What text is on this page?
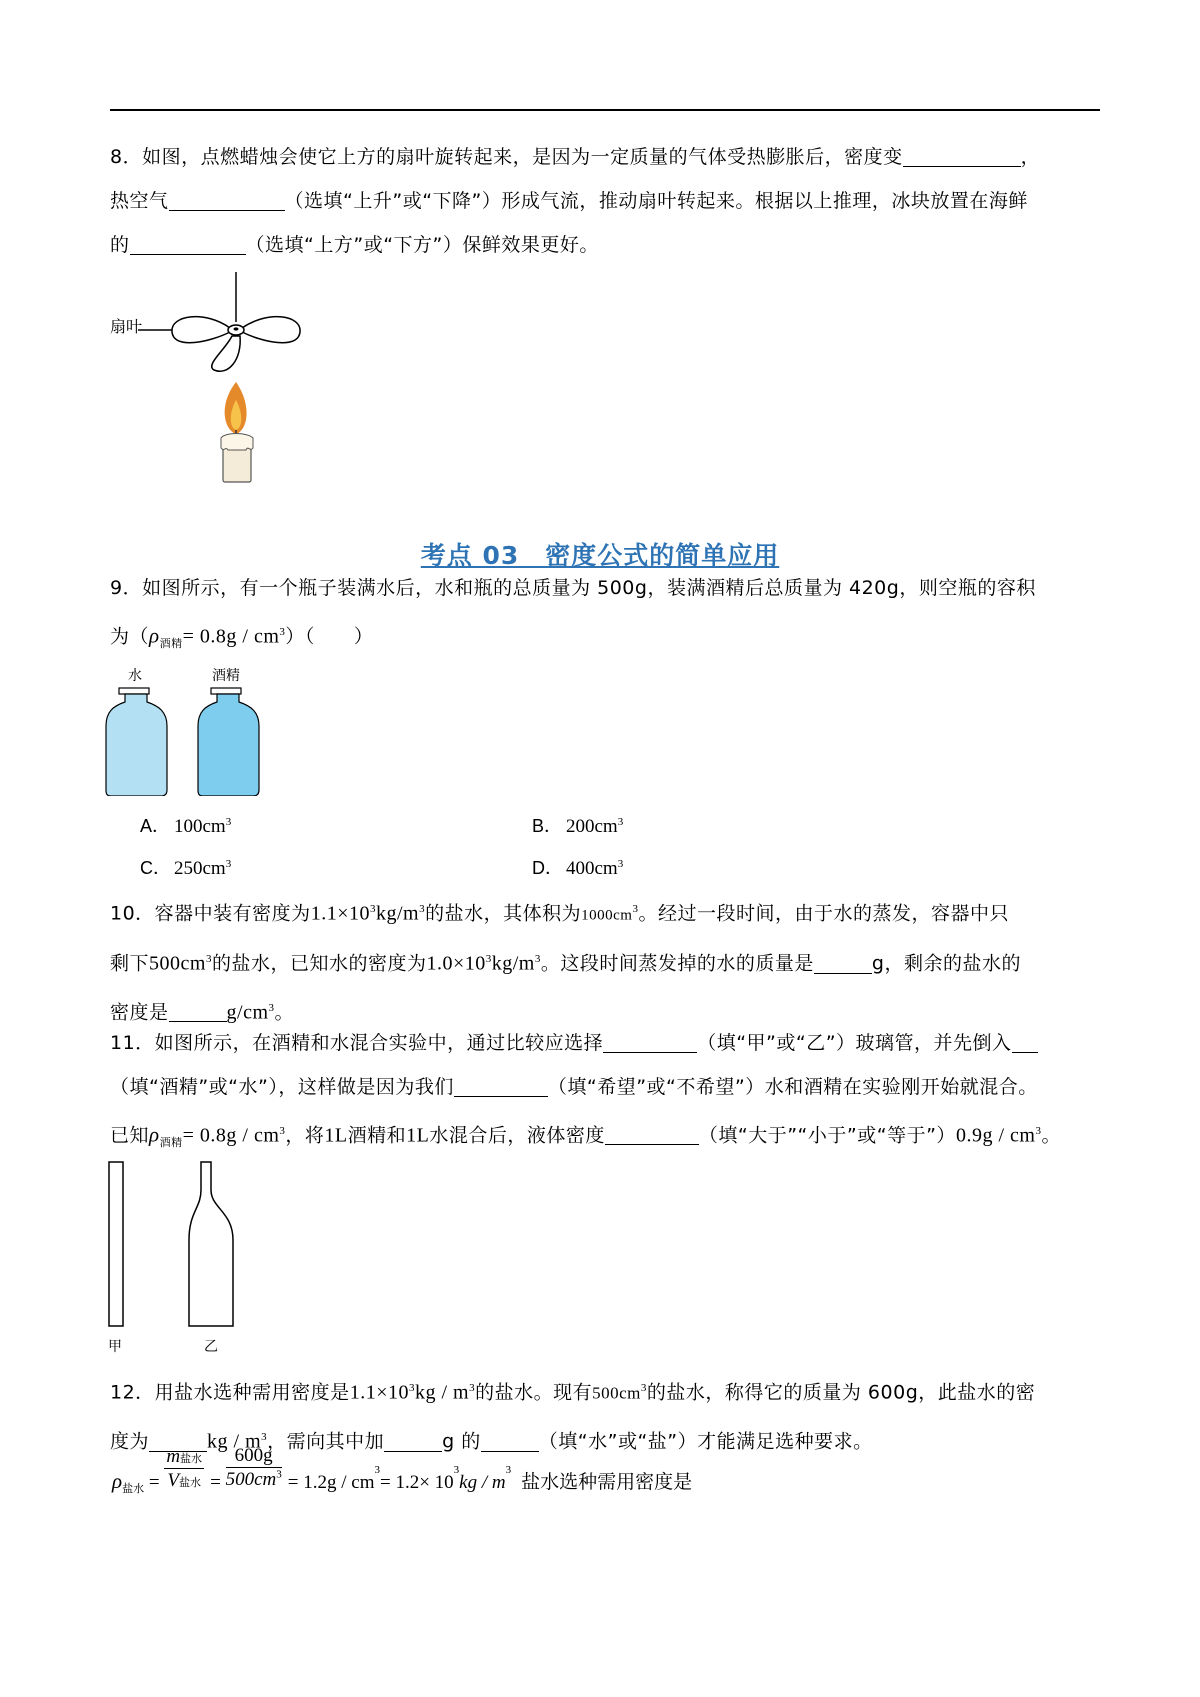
8．如图，点燃蜡烛会使它上方的扇叶旋转起来，是因为一定质量的气体受热膨胀后，密度变	，
热空气	（选填“上升”或“下降”）形成气流，推动扇叶转起来。根据以上推理，冰块放置在海鲜
的	（选填“上方”或“下方”）保鲜效果更好。
扇叶
考点 03　密度公式的简单应用
9．如图所示，有一个瓶子装满水后，水和瓶的总质量为 500g，装满酒精后总质量为 420g，则空瓶的容积
为$(\rho_{酒精}= 0.8g / cm^3)$（　　）
水	酒精
A． $100cm^3$	B． $200cm^3$
C． $250cm^3$	D． $400cm^3$
10．容器中装有密度为$1.1\times 10^3kg/m^3$的盐水，其体积为$1000cm^3$。经过一段时间，由于水的蒸发，容器中只
剩下$500cm^3$的盐水，已知水的密度为$1.0\times 10^3kg/m^3$。这段时间蒸发掉的水的质量是	g，剩余的盐水的
密度是	$g/cm^3$。
11．如图所示，在酒精和水混合实验中，通过比较应选择	（填“甲”或“乙”）玻璃管，并先倒入
（填“酒精”或“水”），这样做是因为我们	（填“希望”或“不希望”）水和酒精在实验刚开始就混合。
已知$\rho_{酒精}= 0.8g / cm^3$，将1L酒精和1L水混合后，液体密度	（填“大于”“小于”或“等于”）0.9g / $cm^3$。
甲	乙
12．用盐水选种需用密度是$1.1\times 10^3kg / m^3$的盐水。现有$500cm^3$的盐水，称得它的质量为 600g，此盐水的密
度为	kg / $m^3$，需向其中加	g 的	（填“水”或“盐”）才能满足选种要求。
$\rho_{盐水}$ =
m盐水
V盐水 = $\frac{600g}{500cm^3} = 1.2g / cm^3= 1.2\times 10^3kg / m^3$盐水选种需用密度是
